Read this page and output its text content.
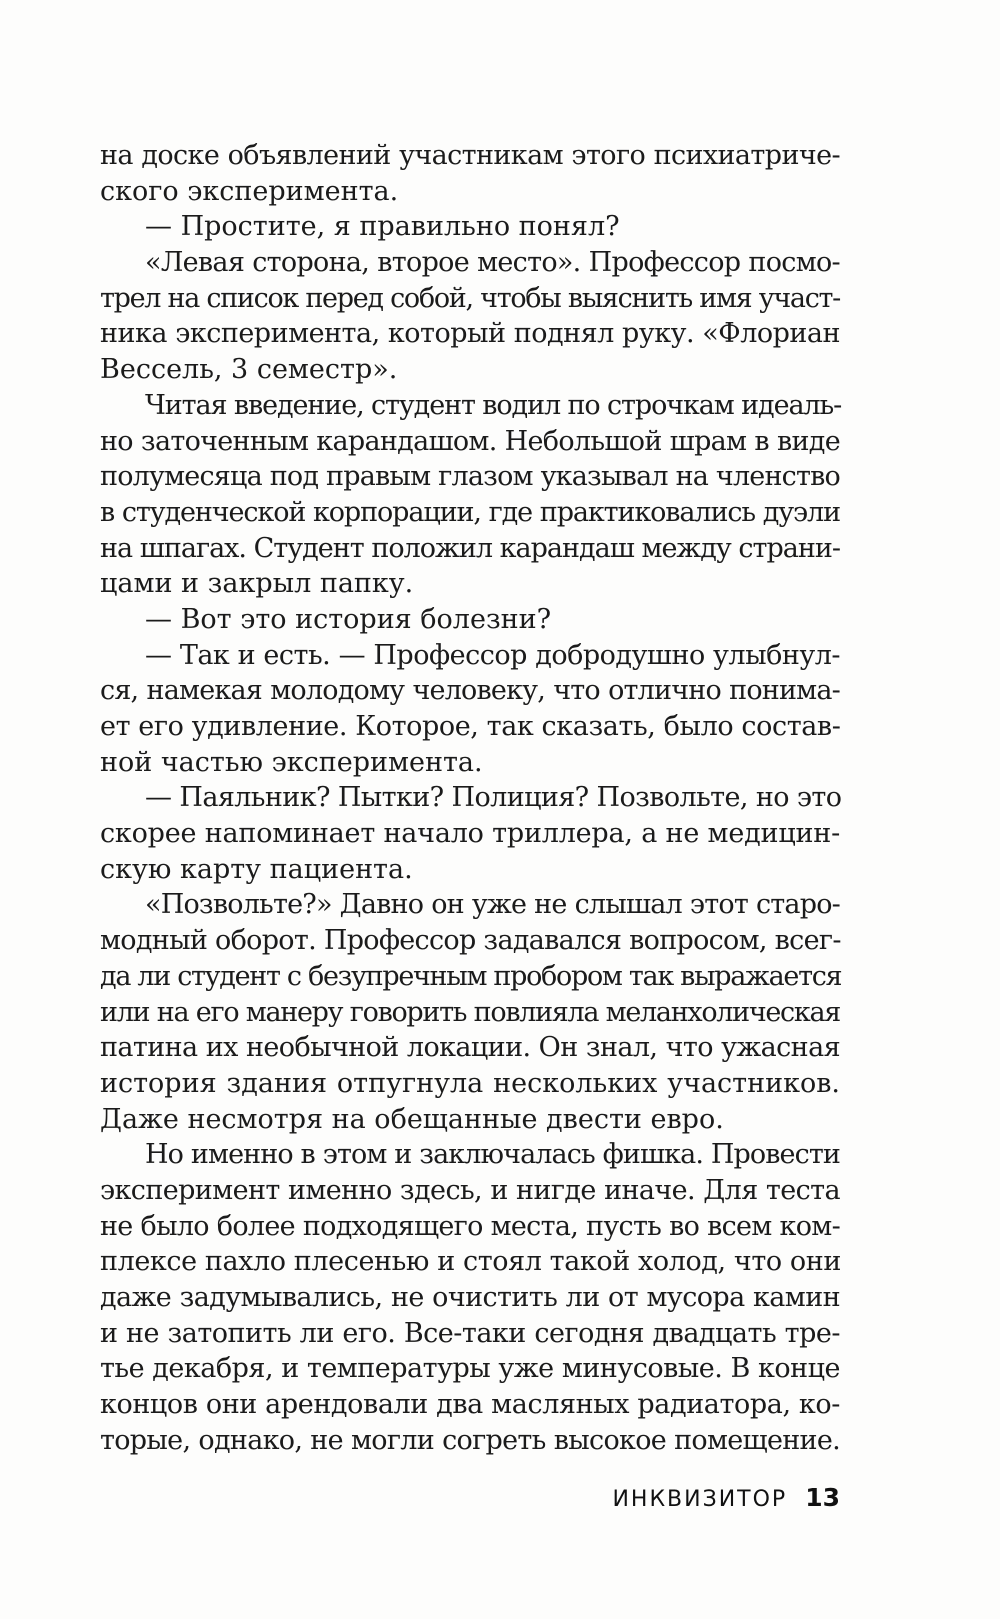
на доске объявлений участникам этого психиатриче-
ского эксперимента.
— Простите, я правильно понял?
«Левая сторона, второе место». Профессор посмо-
трел на список перед собой, чтобы выяснить имя участ-
ника эксперимента, который поднял руку. «Флориан
Вессель, 3 семестр».
Читая введение, студент водил по строчкам идеаль-
но заточенным карандашом. Небольшой шрам в виде
полумесяца под правым глазом указывал на членство
в студенческой корпорации, где практиковались дуэли
на шпагах. Студент положил карандаш между страни-
цами и закрыл папку.
— Вот это история болезни?
— Так и есть. — Профессор добродушно улыбнул-
ся, намекая молодому человеку, что отлично понима-
ет его удивление. Которое, так сказать, было состав-
ной частью эксперимента.
— Паяльник? Пытки? Полиция? Позвольте, но это
скорее напоминает начало триллера, а не медицин-
скую карту пациента.
«Позвольте?» Давно он уже не слышал этот старо-
модный оборот. Профессор задавался вопросом, всег-
да ли студент с безупречным пробором так выражается
или на его манеру говорить повлияла меланхолическая
патина их необычной локации. Он знал, что ужасная
история здания отпугнула нескольких участников.
Даже несмотря на обещанные двести евро.
Но именно в этом и заключалась фишка. Провести
эксперимент именно здесь, и нигде иначе. Для теста
не было более подходящего места, пусть во всем ком-
плексе пахло плесенью и стоял такой холод, что они
даже задумывались, не очистить ли от мусора камин
и не затопить ли его. Все-таки сегодня двадцать тре-
тье декабря, и температуры уже минусовые. В конце
концов они арендовали два масляных радиатора, ко-
торые, однако, не могли согреть высокое помещение.
ИНКВИЗИТОР 13
